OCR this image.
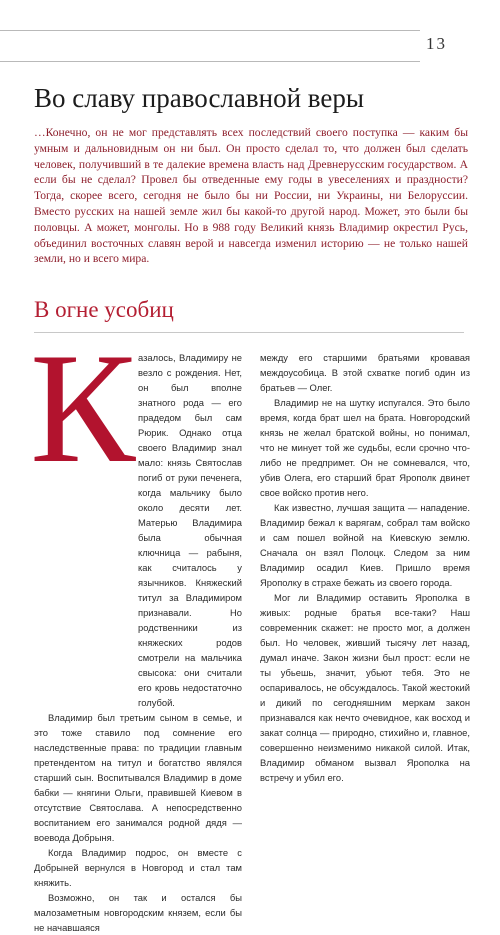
13
Во славу православной веры

…Конечно, он не мог представлять всех последствий своего поступка — каким бы умным и дальновидным он ни был. Он просто сделал то, что должен был сделать человек, получивший в те далекие времена власть над Древнерусским государством. А если бы не сделал? Провел бы отведенные ему годы в увеселениях и праздности? Тогда, скорее всего, сегодня не было бы ни России, ни Украины, ни Белоруссии. Вместо русских на нашей земле жил бы какой-то другой народ. Может, это были бы половцы. А может, монголы. Но в 988 году Великий князь Владимир окрестил Русь, объединил восточных славян верой и навсегда изменил историю — не только нашей земли, но и всего мира.

В огне усобиц
К азалось, Владимиру не везло с рождения. Нет, он был вполне знатного рода — его прадедом был сам Рюрик. Однако отца своего Владимир знал мало: князь Святослав погиб от руки печенега, когда мальчику было около десяти лет. Матерью Владимира была обычная ключница — рабыня, как считалось у язычников. Княжеский титул за Владимиром признавали. Но родственники из княжеских родов смотрели на мальчика свысока: они считали его кровь недостаточно голубой.

Владимир был третьим сыном в семье, и это тоже ставило под сомнение его наследственные права: по традиции главным претендентом на титул и богатство являлся старший сын. Воспитывался Владимир в доме бабки — княгини Ольги, правившей Киевом в отсутствие Святослава. А непосредственно воспитанием его занимался родной дядя — воевода Добрыня.

Когда Владимир подрос, он вместе с Добрыней вернулся в Новгород и стал там княжить.

Возможно, он так и остался бы малозаметным новгородским князем, если бы не начавшаяся

между его старшими братьями кровавая междоусобица. В этой схватке погиб один из братьев — Олег.

Владимир не на шутку испугался. Это было время, когда брат шел на брата. Новгородский князь не желал братской войны, но понимал, что не минует той же судьбы, если срочно что-либо не предпримет. Он не сомневался, что, убив Олега, его старший брат Ярополк двинет свое войско против него.

Как известно, лучшая защита — нападение. Владимир бежал к варягам, собрал там войско и сам пошел войной на Киевскую землю. Сначала он взял Полоцк. Следом за ним Владимир осадил Киев. Пришло время Ярополку в страхе бежать из своего города.

Мог ли Владимир оставить Ярополка в живых: родные братья все-таки? Наш современник скажет: не просто мог, а должен был. Но человек, живший тысячу лет назад, думал иначе. Закон жизни был прост: если не ты убьешь, значит, убьют тебя. Это не оспаривалось, не обсуждалось. Такой жестокий и дикий по сегодняшним меркам закон признавался как нечто очевидное, как восход и закат солнца — природно, стихийно и, главное, совершенно неизменимо никакой силой. Итак, Владимир обманом вызвал Ярополка на встречу и убил его.
